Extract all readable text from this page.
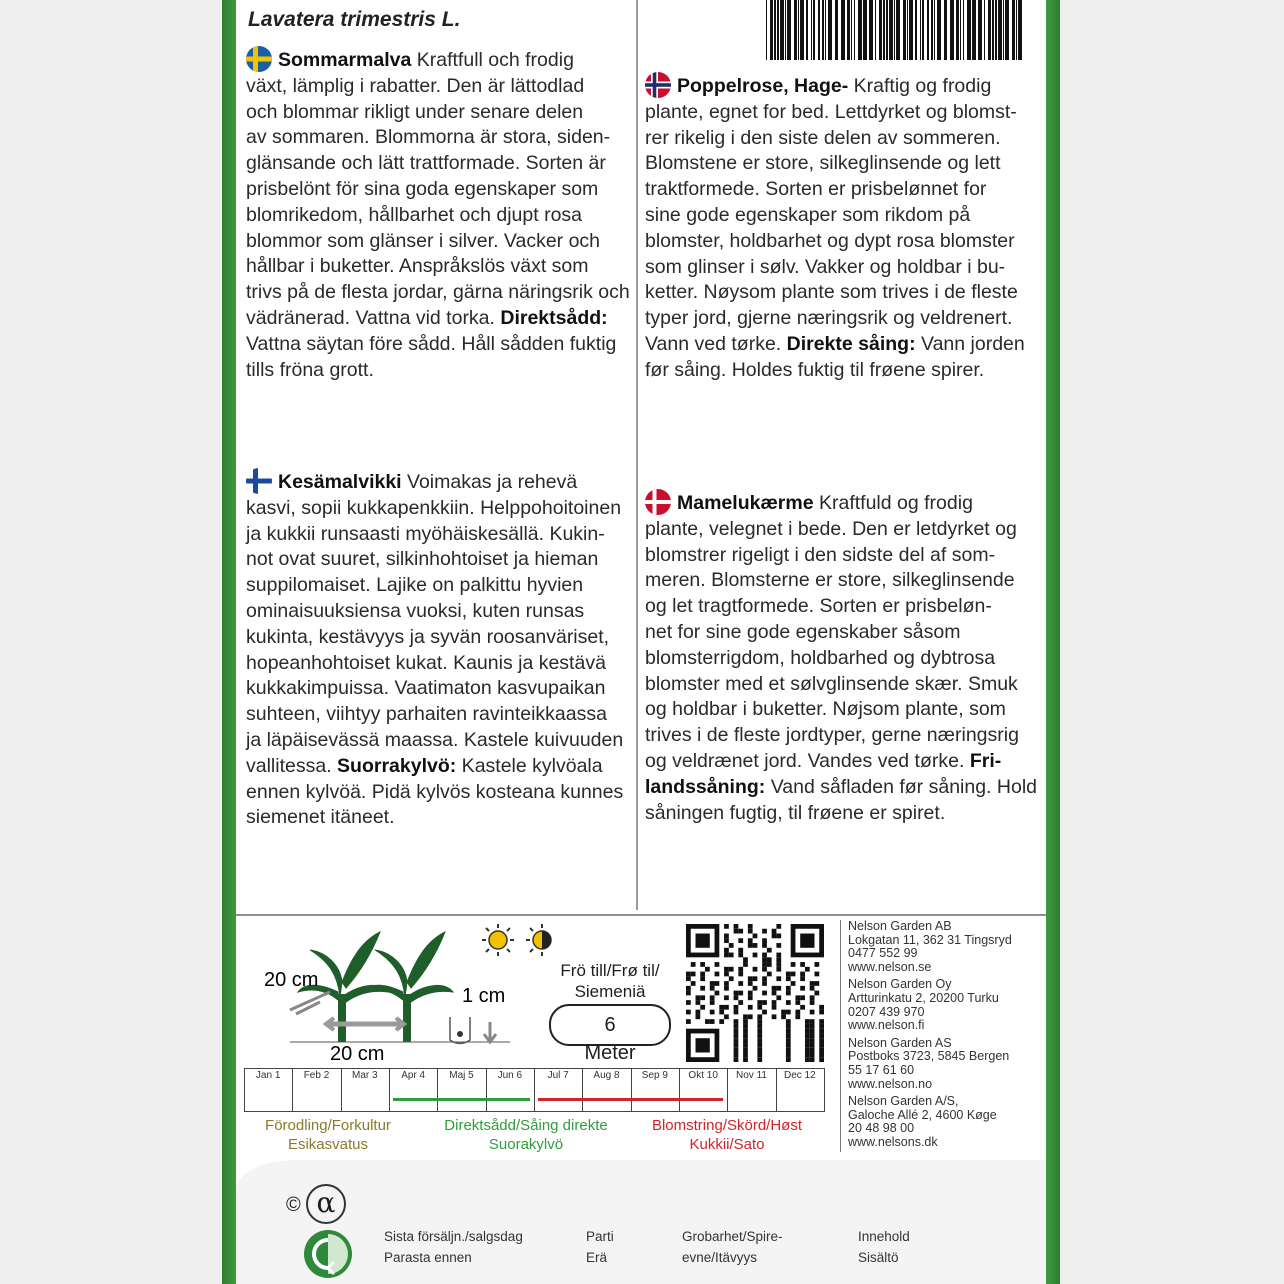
Lavatera trimestris L.
Sommarmalva Kraftfull och frodig
växt, lämplig i rabatter. Den är lättodlad
och blommar rikligt under senare delen
av sommaren. Blommorna är stora, siden-
glänsande och lätt trattformade. Sorten är
prisbelönt för sina goda egenskaper som
blomrikedom, hållbarhet och djupt rosa
blommor som glänser i silver. Vacker och
hållbar i buketter. Anspråkslös växt som
trivs på de flesta jordar, gärna näringsrik och
vädränerad. Vattna vid torka. Direktsådd:
Vattna säytan före sådd. Håll sådden fuktig
tills fröna grott.
Poppelrose, Hage- Kraftig og frodig
plante, egnet for bed. Lettdyrket og blomst-
rer rikelig i den siste delen av sommeren.
Blomstene er store, silkeglinsende og lett
traktformede. Sorten er prisbelønnet for
sine gode egenskaper som rikdom på
blomster, holdbarhet og dypt rosa blomster
som glinser i sølv. Vakker og holdbar i bu-
ketter. Nøysom plante som trives i de fleste
typer jord, gjerne næringsrik og veldrenert.
Vann ved tørke. Direkte såing: Vann jorden
før såing. Holdes fuktig til frøene spirer.
Kesämalvikki Voimakas ja rehevä
kasvi, sopii kukkapenkkiin. Helppohoitoinen
ja kukkii runsaasti myöhäiskesällä. Kukin-
not ovat suuret, silkinhohtoiset ja hieman
suppilomaiset. Lajike on palkittu hyvien
ominaisuuksiensa vuoksi, kuten runsas
kukinta, kestävyys ja syvän roosanväriset,
hopeanhohtoiset kukat. Kaunis ja kestävä
kukkakimpuissa. Vaatimaton kasvupaikan
suhteen, viihtyy parhaiten ravinteikkaassa
ja läpäisevässä maassa. Kastele kuivuuden
vallitessa. Suorrakylvö: Kastele kylvöala
ennen kylvöä. Pidä kylvös kosteana kunnes
siemenet itäneet.
Mamelukærme Kraftfuld og frodig
plante, velegnet i bede. Den er letdyrket og
blomstrer rigeligt i den sidste del af som-
meren. Blomsterne er store, silkeglinsende
og let tragtformede. Sorten er prisbeløn-
net for sine gode egenskaber såsom
blomsterrigdom, holdbarhed og dybtrosa
blomster med et sølvglinsende skær. Smuk
og holdbar i buketter. Nøjsom plante, som
trives i de fleste jordtyper, gerne næringsrig
og veldrænet jord. Vandes ved tørke. Fri-
landssåning: Vand såfladen før såning. Hold
såningen fugtig, til frøene er spiret.
20 cm
20 cm
1 cm
Frö till/Frø til/
Siemeniä
6
Meter
Jan 1	Feb 2	Mar 3	Apr 4	Maj 5	Jun 6	Jul 7	Aug 8	Sep 9	Okt 10	Nov 11	Dec 12
Förodling/Forkultur
Esikasvatus
Direktsådd/Såing direkte
Suorakylvö
Blomstring/Skörd/Høst
Kukkii/Sato
Nelson Garden AB
Lokgatan 11, 362 31 Tingsryd
0477 552 99
www.nelson.se
Nelson Garden Oy
Artturinkatu 2, 20200 Turku
0207 439 970
www.nelson.fi
Nelson Garden AS
Postboks 3723, 5845 Bergen
55 17 61 60
www.nelson.no
Nelson Garden A/S,
Galoche Allé 2, 4600 Køge
20 48 98 00
www.nelsons.dk
© α
Sista försäljn./salgsdag
Parasta ennen
Parti
Erä
Grobarhet/Spire-
evne/Itävyys
Innehold
Sisältö
